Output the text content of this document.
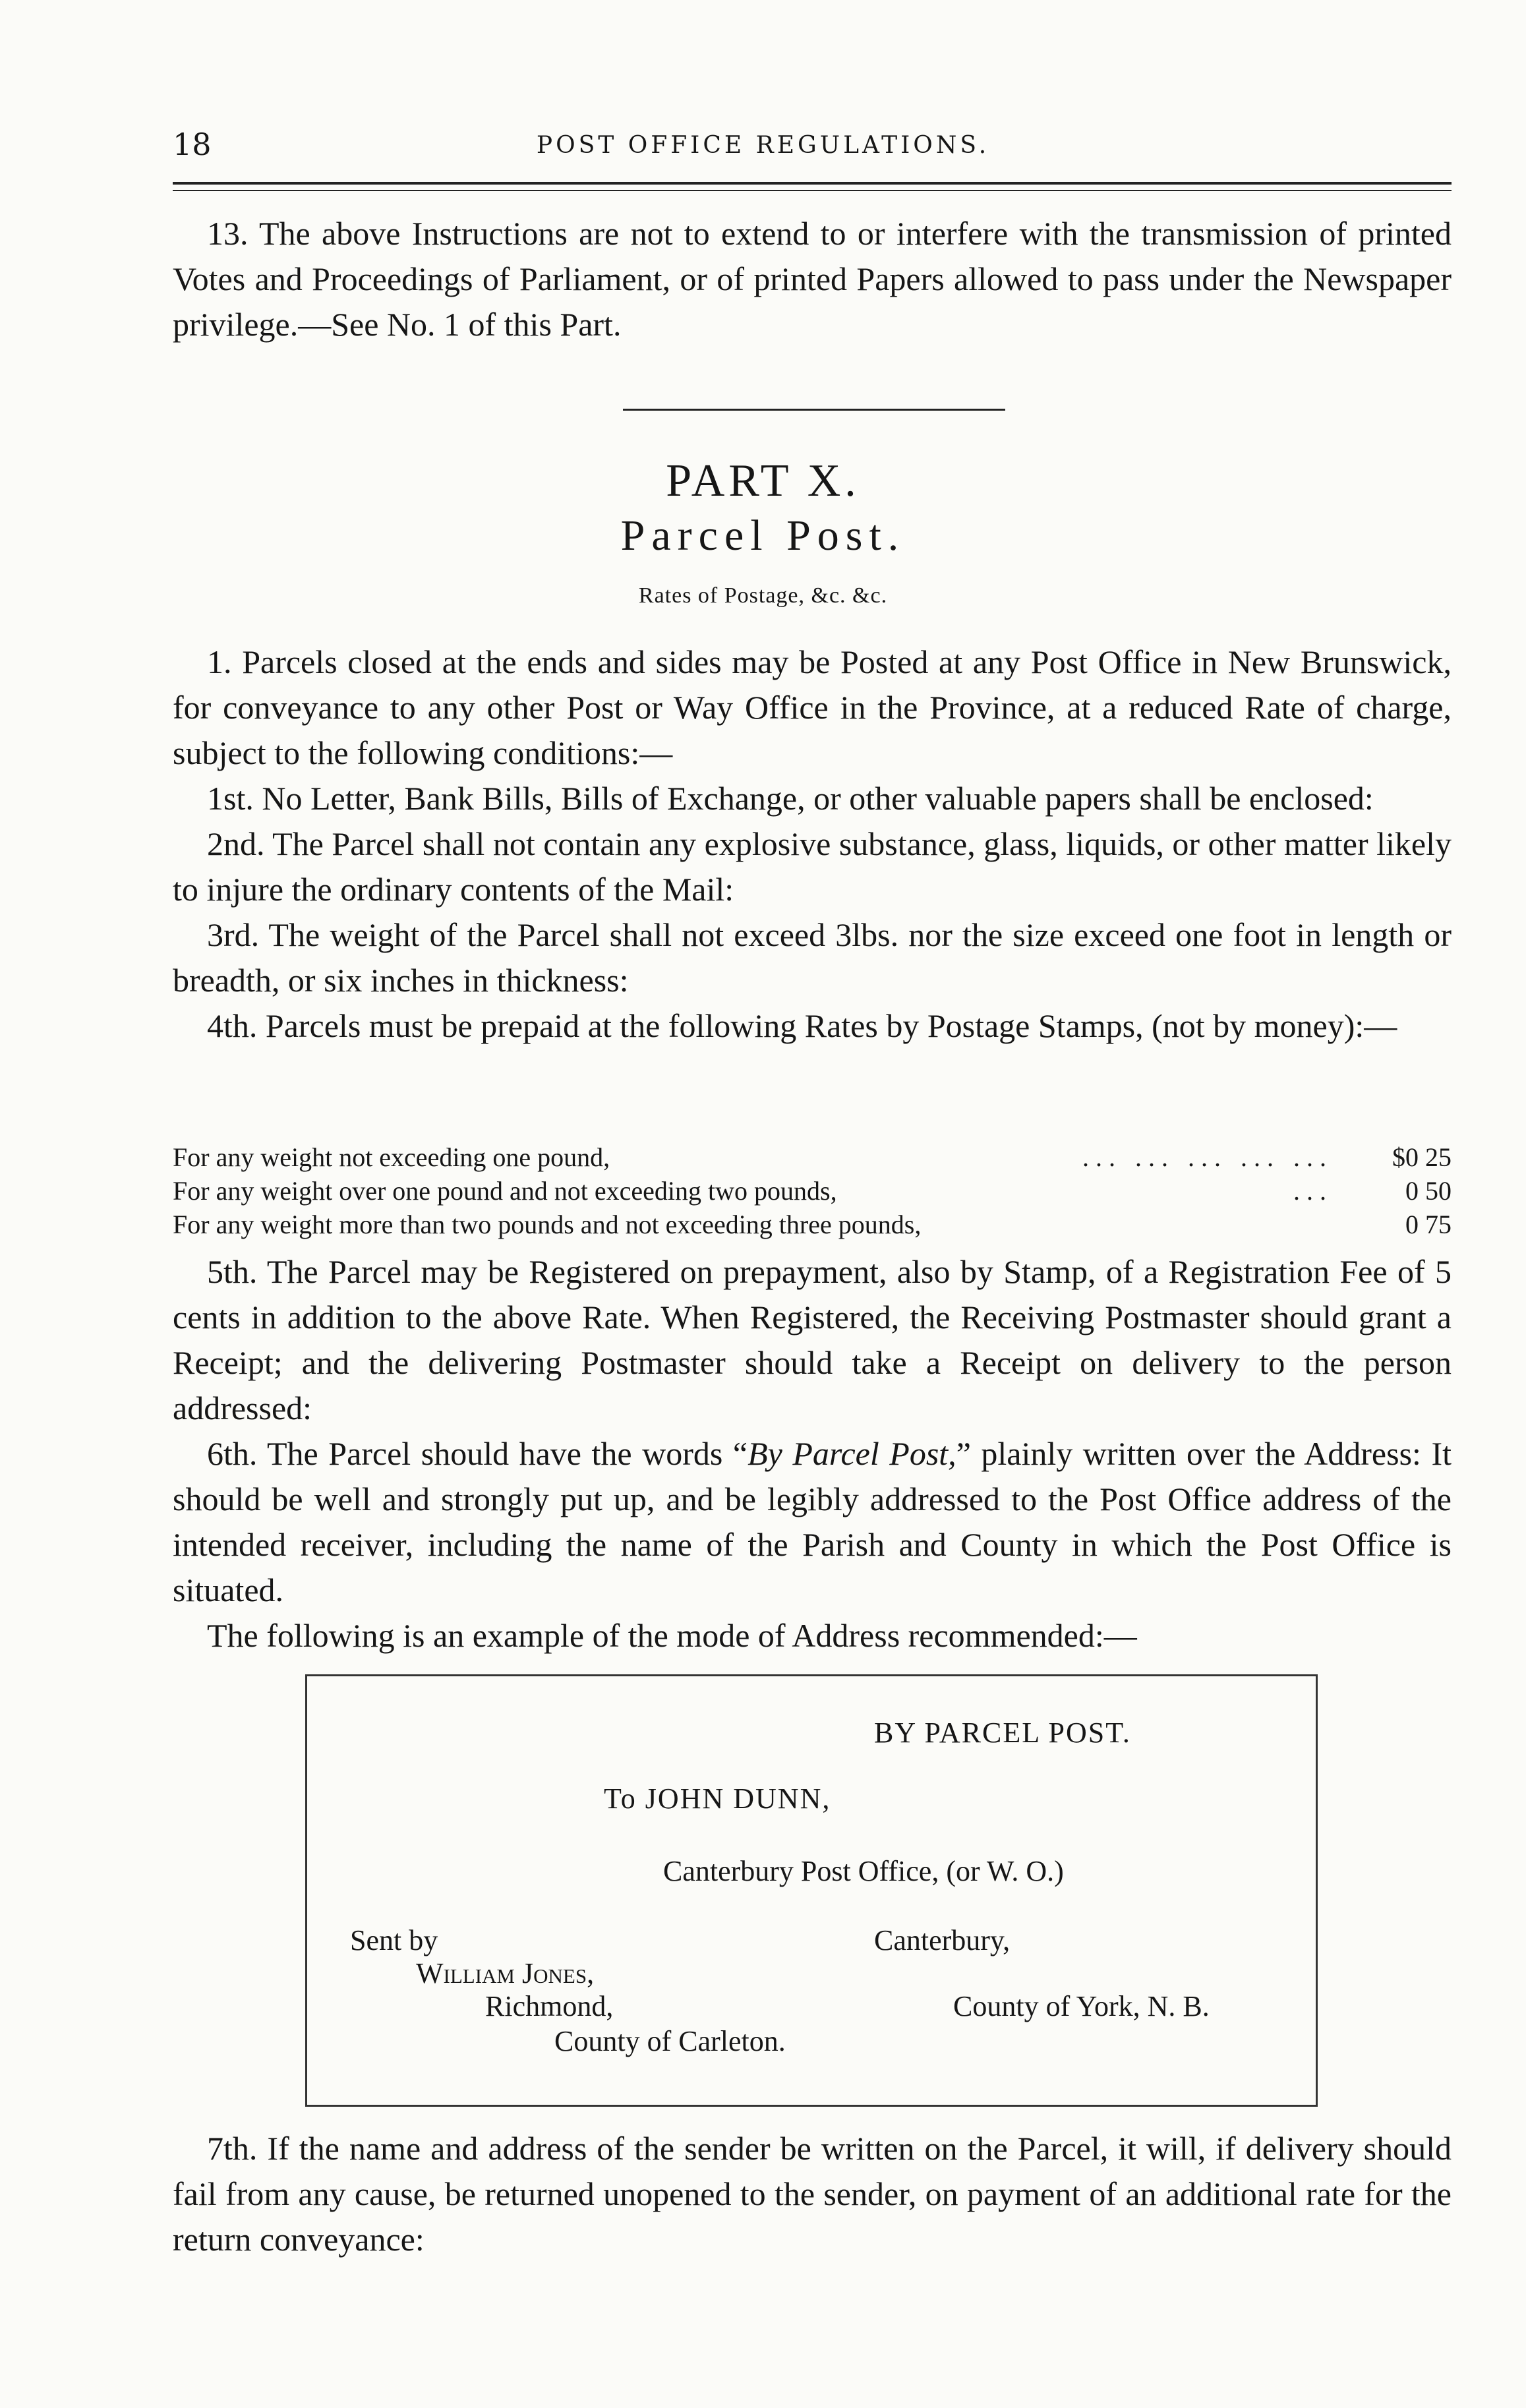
18	POST OFFICE REGULATIONS.

13. The above Instructions are not to extend to or interfere with the transmission of printed Votes and Proceedings of Parliament, or of printed Papers allowed to pass under the Newspaper privilege.—See No. 1 of this Part.

PART X.
Parcel Post.
Rates of Postage, &c. &c.

1. Parcels closed at the ends and sides may be Posted at any Post Office in New Brunswick, for conveyance to any other Post or Way Office in the Province, at a reduced Rate of charge, subject to the following conditions:—

1st. No Letter, Bank Bills, Bills of Exchange, or other valuable papers shall be enclosed:

2nd. The Parcel shall not contain any explosive substance, glass, liquids, or other matter likely to injure the ordinary contents of the Mail:

3rd. The weight of the Parcel shall not exceed 3lbs. nor the size exceed one foot in length or breadth, or six inches in thickness:

4th. Parcels must be prepaid at the following Rates by Postage Stamps, (not by money):—

For any weight not exceeding one pound,	... ... ... ... ...	$0 25
For any weight over one pound and not exceeding two pounds,	...	0 50
For any weight more than two pounds and not exceeding three pounds,	0 75

5th. The Parcel may be Registered on prepayment, also by Stamp, of a Registration Fee of 5 cents in addition to the above Rate. When Registered, the Receiving Postmaster should grant a Receipt; and the delivering Postmaster should take a Receipt on delivery to the person addressed:

6th. The Parcel should have the words “By Parcel Post,” plainly written over the Address: It should be well and strongly put up, and be legibly addressed to the Post Office address of the intended receiver, including the name of the Parish and County in which the Post Office is situated.

The following is an example of the mode of Address recommended:—

BY PARCEL POST.
To JOHN DUNN,
Canterbury Post Office, (or W. O.)
Sent by	Canterbury,
William Jones,
Richmond,	County of York, N. B.
County of Carleton.

7th. If the name and address of the sender be written on the Parcel, it will, if delivery should fail from any cause, be returned unopened to the sender, on payment of an additional rate for the return conveyance:
